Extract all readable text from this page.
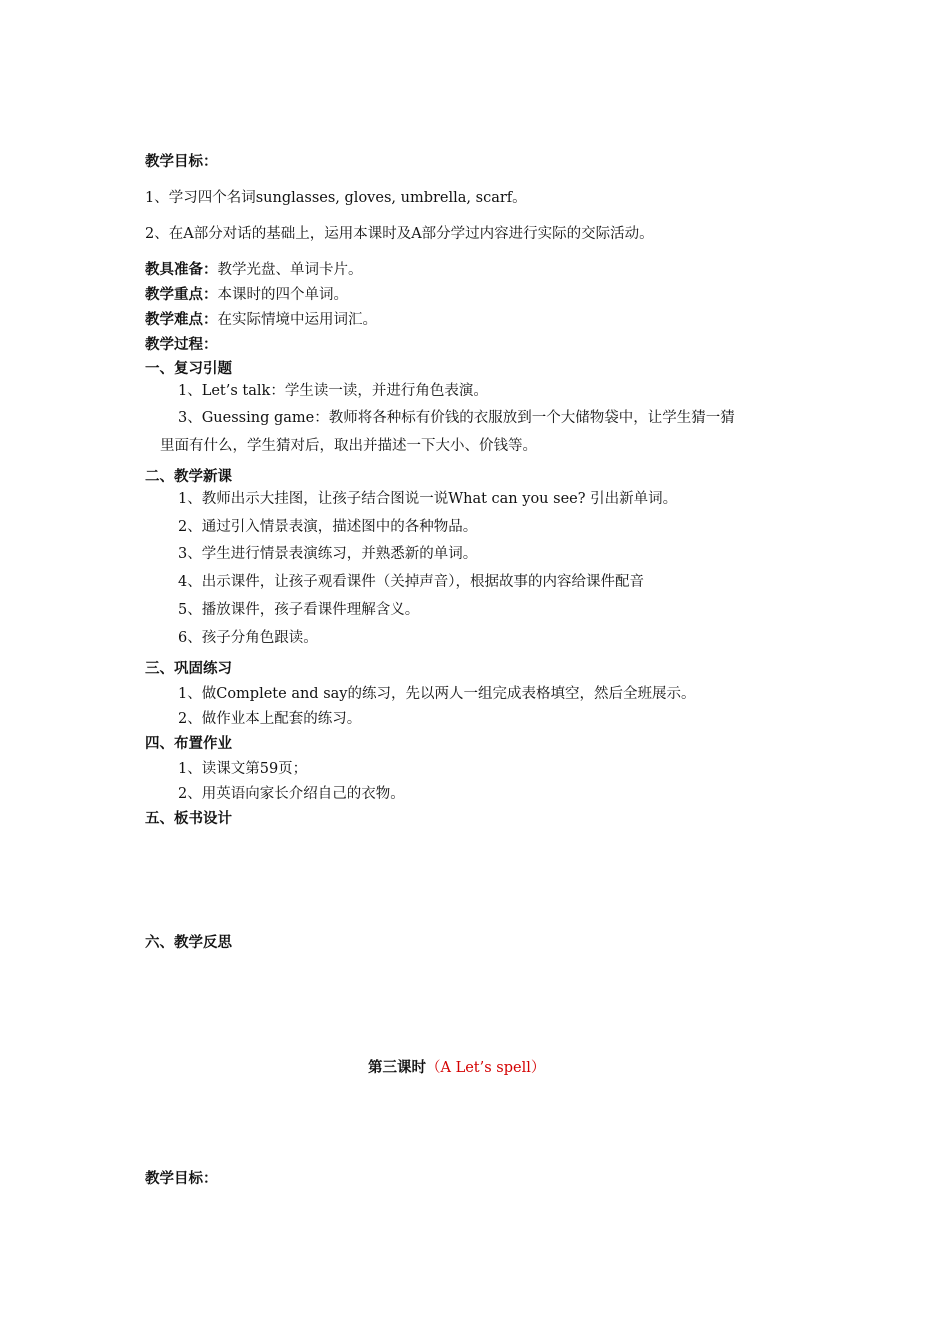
教学目标：
1、学习四个名词sunglasses, gloves, umbrella, scarf。
2、在A部分对话的基础上，运用本课时及A部分学过内容进行实际的交际活动。
教具准备：教学光盘、单词卡片。
教学重点：本课时的四个单词。
教学难点：在实际情境中运用词汇。
教学过程：
一、复习引题
1、Let’s talk：学生读一读，并进行角色表演。
3、Guessing game：教师将各种标有价钱的衣服放到一个大储物袋中，让学生猜一猜
里面有什么，学生猜对后，取出并描述一下大小、价钱等。
二、教学新课
1、教师出示大挂图，让孩子结合图说一说What can you see? 引出新单词。
2、通过引入情景表演，描述图中的各种物品。
3、学生进行情景表演练习，并熟悉新的单词。
4、出示课件，让孩子观看课件（关掉声音），根据故事的内容给课件配音
5、播放课件，孩子看课件理解含义。
6、孩子分角色跟读。
三、巩固练习
1、做Complete and say的练习，先以两人一组完成表格填空，然后全班展示。
2、做作业本上配套的练习。
四、布置作业
1、读课文第59页；
2、用英语向家长介绍自己的衣物。
五、板书设计
六、教学反思
第三课时（A Let’s spell）
教学目标：
